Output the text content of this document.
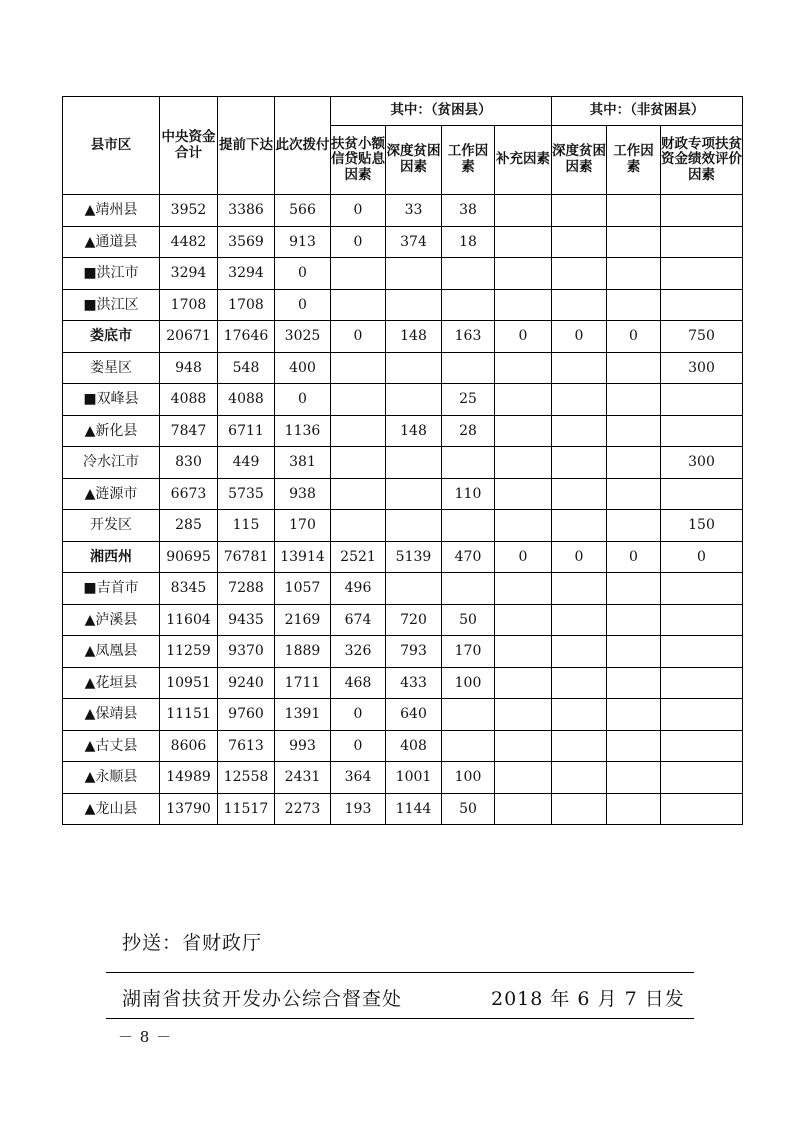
县市区	中央资金合计	提前下达	此次拨付	其中：（贫困县）				其中：（非贫困县）		
				扶贫小额信贷贴息因素	深度贫困因素	工作因素	补充因素	深度贫困因素	工作因素	财政专项扶贫资金绩效评价因素
▲靖州县	3952	3386	566	0	33	38				
▲通道县	4482	3569	913	0	374	18				
■洪江市	3294	3294	0							
■洪江区	1708	1708	0							
娄底市	20671	17646	3025	0	148	163	0	0	0	750
娄星区	948	548	400							300
■双峰县	4088	4088	0			25				
▲新化县	7847	6711	1136		148	28				
冷水江市	830	449	381							300
▲涟源市	6673	5735	938			110				
开发区	285	115	170							150
湘西州	90695	76781	13914	2521	5139	470	0	0	0	0
■吉首市	8345	7288	1057	496						
▲泸溪县	11604	9435	2169	674	720	50				
▲凤凰县	11259	9370	1889	326	793	170				
▲花垣县	10951	9240	1711	468	433	100				
▲保靖县	11151	9760	1391	0	640					
▲古丈县	8606	7613	993	0	408					
▲永顺县	14989	12558	2431	364	1001	100				
▲龙山县	13790	11517	2273	193	1144	50				
抄送：省财政厅
湖南省扶贫开发办公综合督查处	2018 年 6 月 7 日发
－ 8 －
